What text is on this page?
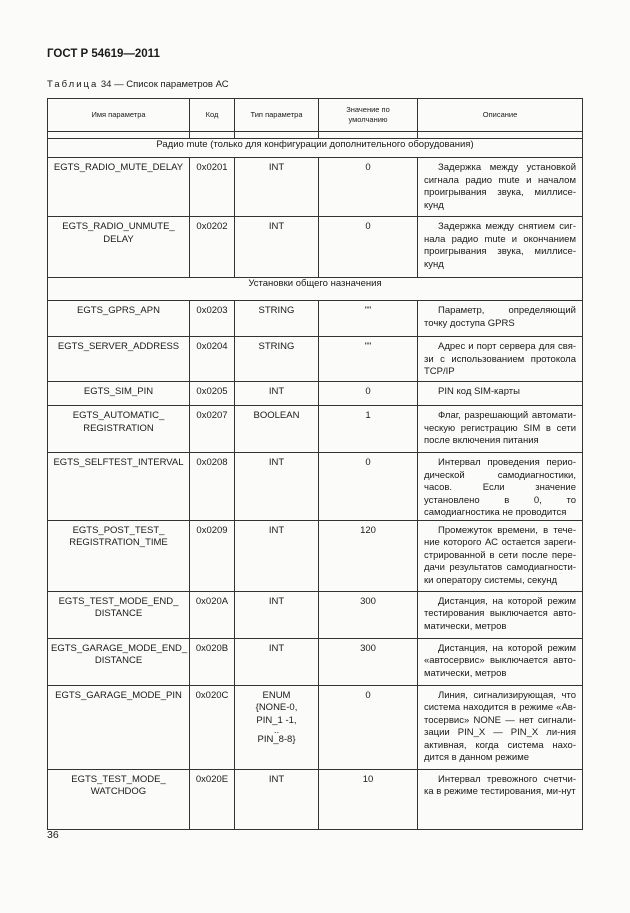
ГОСТ Р 54619—2011
Таблица 34 — Список параметров АС
Имя параметра	Код	Тип параметра	Значение по умолчанию	Описание

Радио mute (только для конфигурации дополнительного оборудования)				
EGTS_RADIO_MUTE_DELAY	0x0201	INT	0	Задержка между установкой сигнала радио mute и началом проигрывания звука, миллисе-кунд

EGTS_RADIO_UNMUTE_ DELAY	0x0202	INT	0	Задержка между снятием сиг-нала радио mute и окончанием проигрывания звука, миллисе-кунд

Установки общего назначения				
EGTS_GPRS_APN	0x0203	STRING	""	Параметр, определяющий точку доступа GPRS

EGTS_SERVER_ADDRESS	0x0204	STRING	""	Адрес и порт сервера для свя-зи с использованием протокола TCP/IP

EGTS_SIM_PIN	0x0205	INT	0	PIN код SIM-карты

EGTS_AUTOMATIC_ REGISTRATION	0x0207	BOOLEAN	1	Флаг, разрешающий автомати-ческую регистрацию SIM в сети после включения питания

EGTS_SELFTEST_INTERVAL	0x0208	INT	0	Интервал проведения перио-дической самодиагностики, часов. Если значение установлено в 0, то самодиагностика не проводится

EGTS_POST_TEST_ REGISTRATION_TIME	0x0209	INT	120	Промежуток времени, в тече-ние которого АС остается зареги-стрированной в сети после пере-дачи результатов самодиагности-ки оператору системы, секунд

EGTS_TEST_MODE_END_ DISTANCE	0x020A	INT	300	Дистанция, на которой режим тестирования выключается авто-матически, метров

EGTS_GARAGE_MODE_END_ DISTANCE	0x020B	INT	300	Дистанция, на которой режим «автосервис» выключается авто-матически, метров

EGTS_GARAGE_MODE_PIN	0x020C	ENUM
{NONE-0,
PIN_1 -1,
..
PIN_8-8}	0	Линия, сигнализирующая, что система находится в режиме «Ав-тосервис» NONE — нет сигнали-зации PIN_X — PIN_X ли-ния активная, когда система нахо-дится в данном режиме

EGTS_TEST_MODE_ WATCHDOG	0x020E	INT	10	Интервал тревожного счетчи-ка в режиме тестирования, ми-нут
36
